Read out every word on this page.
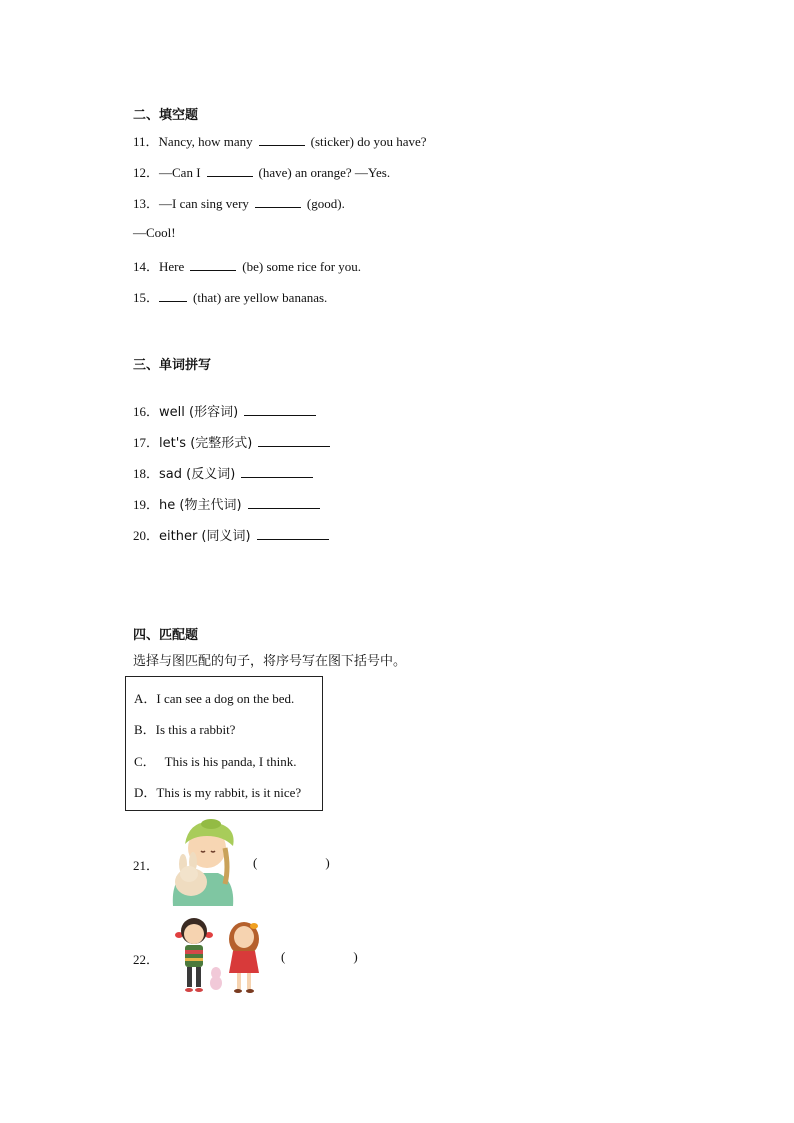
二、填空题
11．Nancy, how many	(sticker) do you have?
12．—Can I	(have) an orange? —Yes.
13．—I can sing very	(good).
—Cool!
14．Here	(be) some rice for you.
15．	(that) are yellow bananas.
三、单词拼写
16．well (形容词)
17．let's (完整形式)
18．sad (反义词)
19．he (物主代词)
20．either (同义词)
四、匹配题
选择与图匹配的句子，将序号写在图下括号中。
A．I can see a dog on the bed.
B．Is this a rabbit?
C． This is his panda, I think.
D．This is my rabbit, is it nice?
21．	(	)
22．	(	)
